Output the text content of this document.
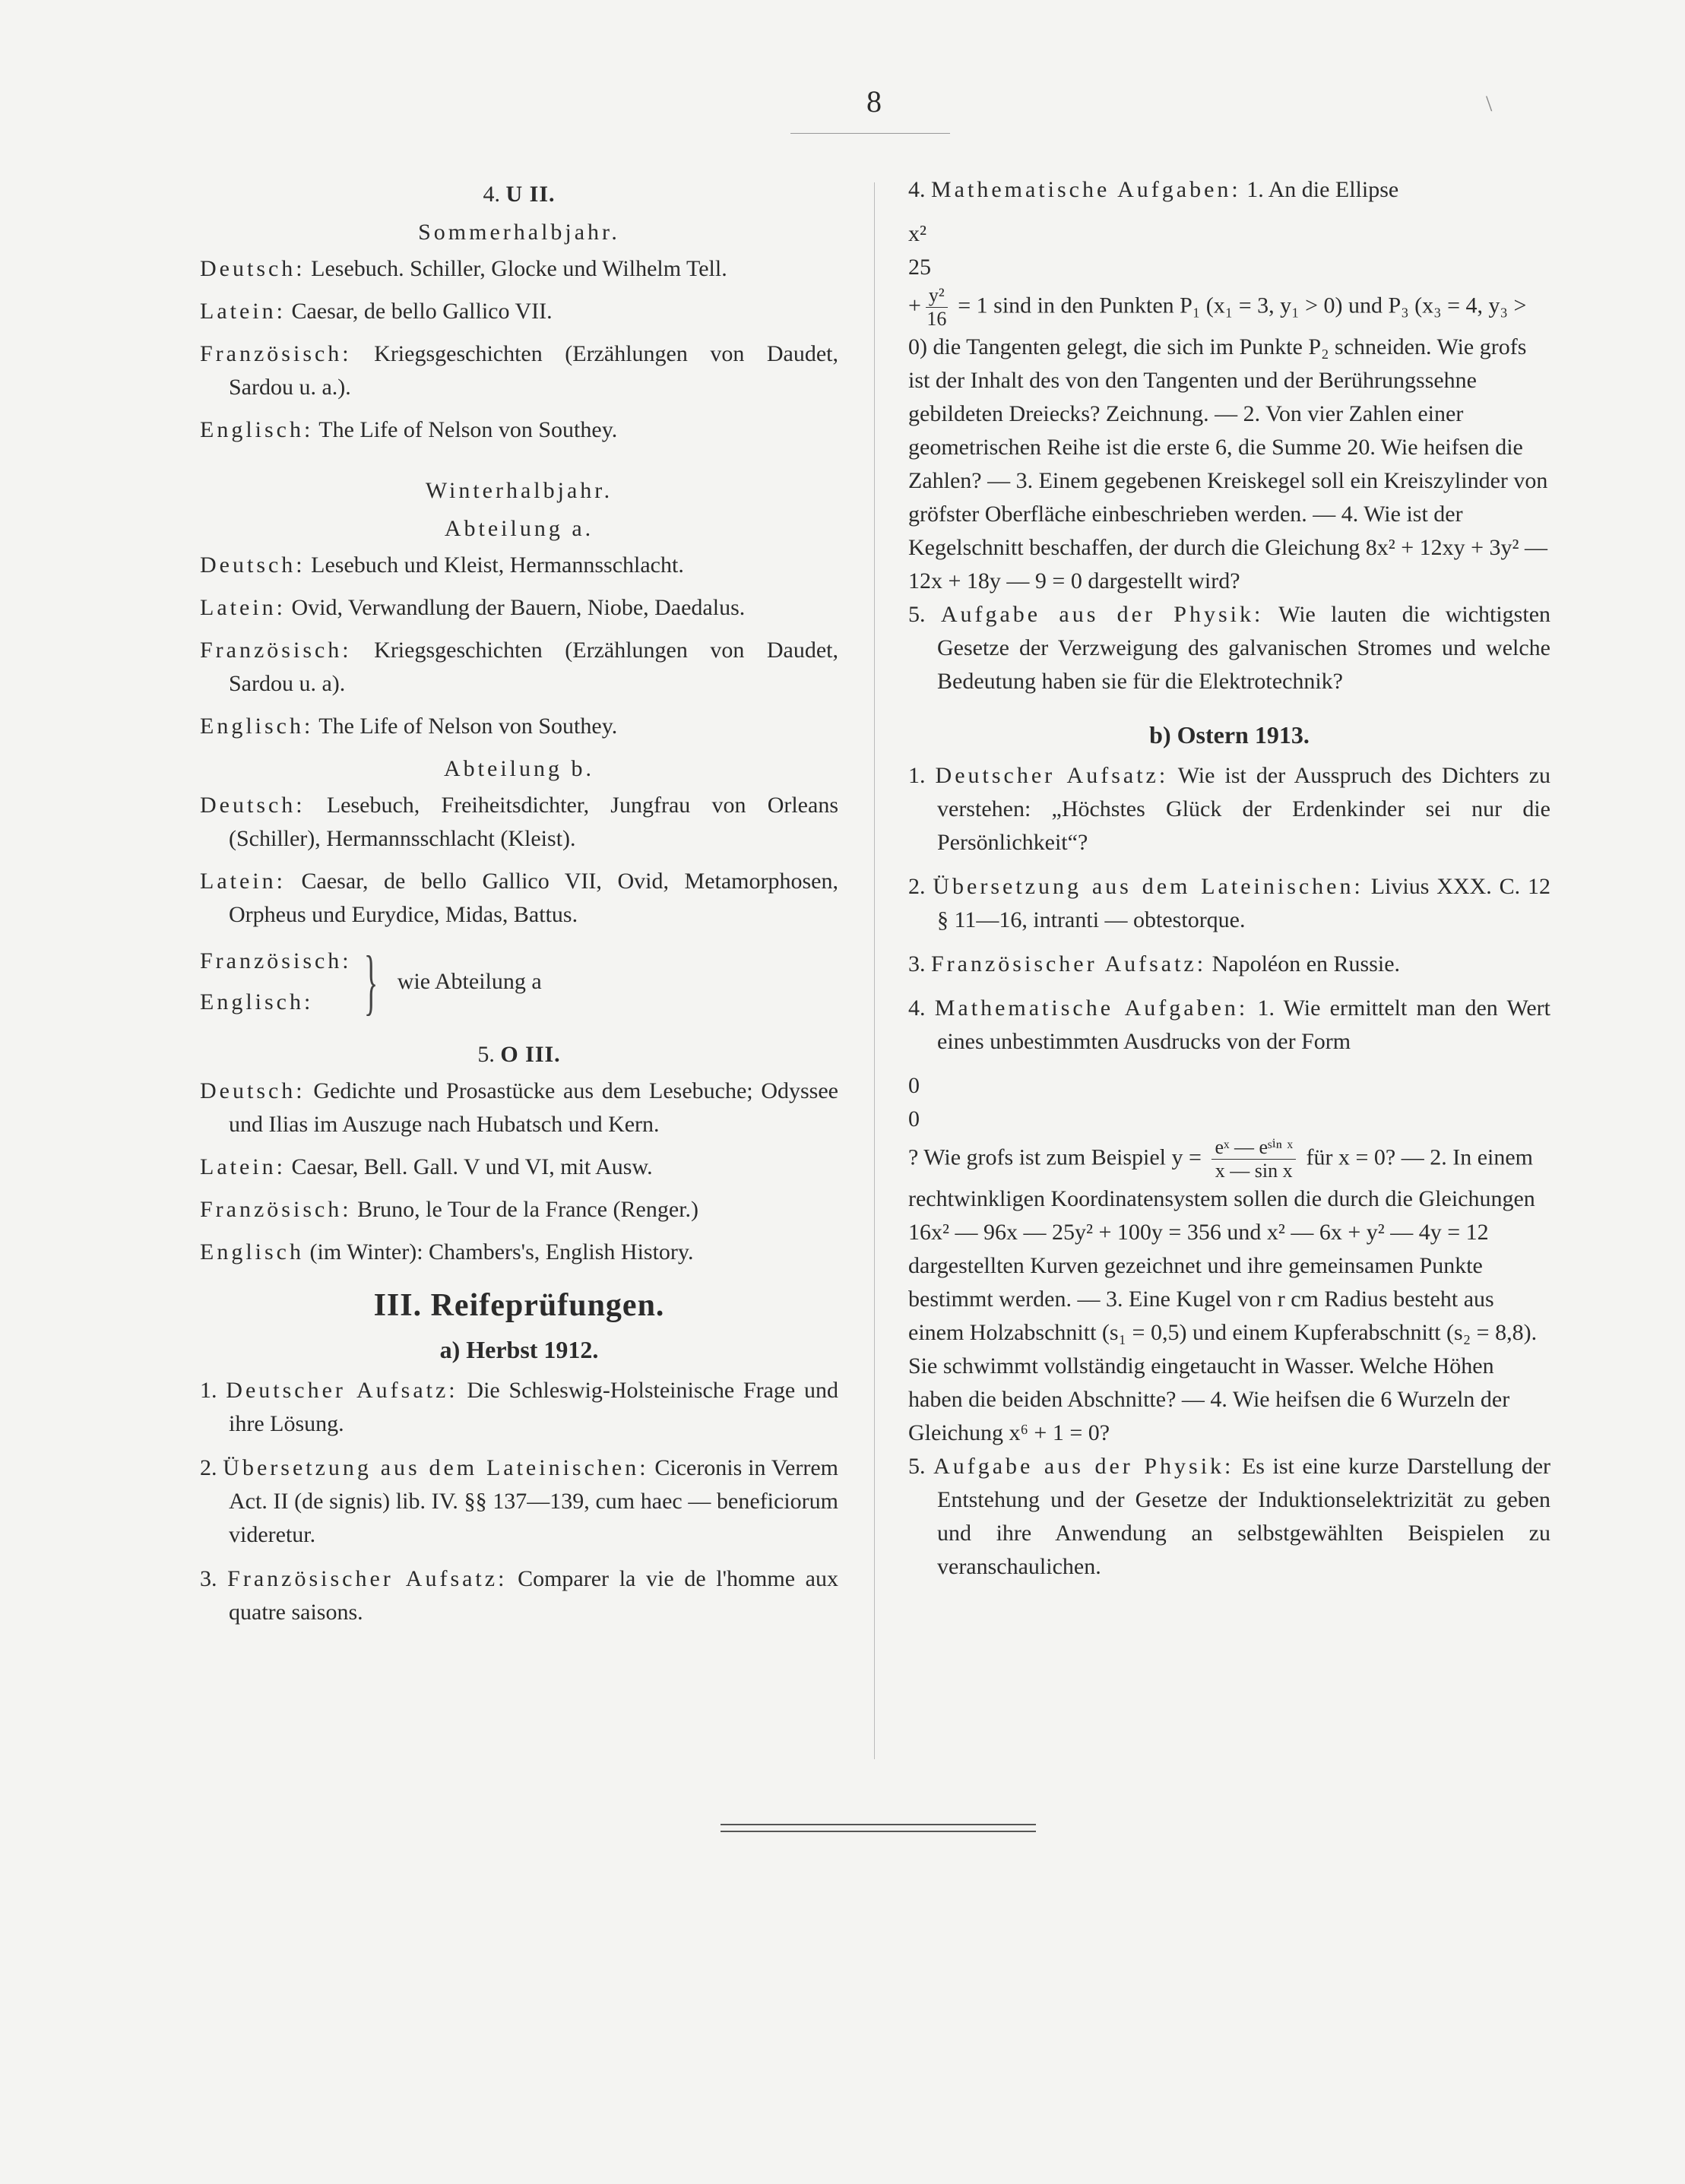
8	\
4. U II.
Sommerhalbjahr.

Deutsch: Lesebuch. Schiller, Glocke und Wilhelm Tell.

Latein: Caesar, de bello Gallico VII.

Französisch: Kriegsgeschichten (Erzählungen von Daudet, Sardou u. a.).

Englisch: The Life of Nelson von Southey.

Winterhalbjahr.
Abteilung a.

Deutsch: Lesebuch und Kleist, Hermannsschlacht.

Latein: Ovid, Verwandlung der Bauern, Niobe, Daedalus.

Französisch: Kriegsgeschichten (Erzählungen von Daudet, Sardou u. a).

Englisch: The Life of Nelson von Southey.

Abteilung b.

Deutsch: Lesebuch, Freiheitsdichter, Jungfrau von Orleans (Schiller), Hermannsschlacht (Kleist).

Latein: Caesar, de bello Gallico VII, Ovid, Metamorphosen, Orpheus und Eurydice, Midas, Battus.

Französisch:
Englisch: } wie Abteilung a
5. O III.

Deutsch: Gedichte und Prosastücke aus dem Lesebuche; Odyssee und Ilias im Auszuge nach Hubatsch und Kern.

Latein: Caesar, Bell. Gall. V und VI, mit Ausw.

Französisch: Bruno, le Tour de la France (Renger.)

Englisch (im Winter): Chambers's, English History.

III. Reifeprüfungen.
a) Herbst 1912.

1. Deutscher Aufsatz: Die Schleswig-Holsteinische Frage und ihre Lösung.

2. Übersetzung aus dem Lateinischen: Ciceronis in Verrem Act. II (de signis) lib. IV. §§ 137—139, cum haec — beneficiorum videretur.

3. Französischer Aufsatz: Comparer la vie de l'homme aux quatre saisons.

4. Mathematische Aufgaben: 1. An die Ellipse

x²
25
+ $\frac{\text{y²}}{16} = 1$ sind in den Punkten P₁ (x₁ = 3, y₁ > 0) und P₃ (x₃ = 4, y₃ > 0) die Tangenten gelegt, die sich im Punkte P₂ schneiden. Wie grofs ist der Inhalt des von den Tangenten und der Berührungssehne gebildeten Dreiecks? Zeichnung. — 2. Von vier Zahlen einer geometrischen Reihe ist die erste 6, die Summe 20. Wie heifsen die Zahlen? — 3. Einem gegebenen Kreiskegel soll ein Kreiszylinder von gröfster Oberfläche einbeschrieben werden. — 4. Wie ist der Kegelschnitt beschaffen, der durch die Gleichung 8x² + 12xy + 3y² — 12x + 18y — 9 = 0 dargestellt wird?

5. Aufgabe aus der Physik: Wie lauten die wichtigsten Gesetze der Verzweigung des galvanischen Stromes und welche Bedeutung haben sie für die Elektrotechnik?

b) Ostern 1913.

1. Deutscher Aufsatz: Wie ist der Ausspruch des Dichters zu verstehen: „Höchstes Glück der Erdenkinder sei nur die Persönlichkeit“?

2. Übersetzung aus dem Lateinischen: Livius XXX. C. 12 § 11—16, intranti — obtestorque.

3. Französischer Aufsatz: Napoléon en Russie.

4. Mathematische Aufgaben: 1. Wie ermittelt man den Wert eines unbestimmten Ausdrucks von der Form

0
0
? Wie grofs ist zum Beispiel $y = \frac{\text{eˣ — eˢⁱⁿ ˣ}}{\text{x — sin x}}$ für x = 0? — 2. In einem rechtwinkligen Koordinatensystem sollen die durch die Gleichungen 16x² — 96x — 25y² + 100y = 356 und x² — 6x + y² — 4y = 12 dargestellten Kurven gezeichnet und ihre gemeinsamen Punkte bestimmt werden. — 3. Eine Kugel von r cm Radius besteht aus einem Holzabschnitt (s₁ = 0,5) und einem Kupferabschnitt (s₂ = 8,8). Sie schwimmt vollständig eingetaucht in Wasser. Welche Höhen haben die beiden Abschnitte? — 4. Wie heifsen die 6 Wurzeln der Gleichung x⁶ + 1 = 0?

5. Aufgabe aus der Physik: Es ist eine kurze Darstellung der Entstehung und der Gesetze der Induktionselektrizität zu geben und ihre Anwendung an selbstgewählten Beispielen zu veranschaulichen.
